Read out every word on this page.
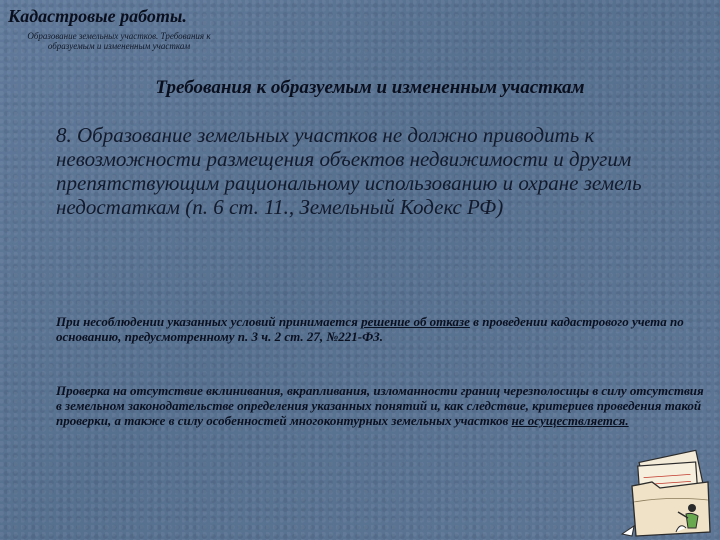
Кадастровые работы.
Образование земельных участков. Требования к образуемым и измененным участкам
Требования к образуемым и измененным участкам
8. Образование земельных участков не должно приводить к невозможности размещения объектов недвижимости и другим препятствующим рациональному использованию и охране земель недостаткам (п. 6 ст. 11., Земельный Кодекс РФ)
При несоблюдении указанных условий принимается решение об отказе в проведении кадастрового учета по основанию, предусмотренному п. 3 ч. 2 ст. 27, №221-ФЗ.
Проверка на отсутствие вклинивания, вкрапливания, изломанности границ черезполосицы в силу отсутствия в земельном законодательстве определения указанных понятий и, как следствие, критериев проведения такой проверки, а также в силу особенностей многоконтурных земельных участков не осуществляется.
